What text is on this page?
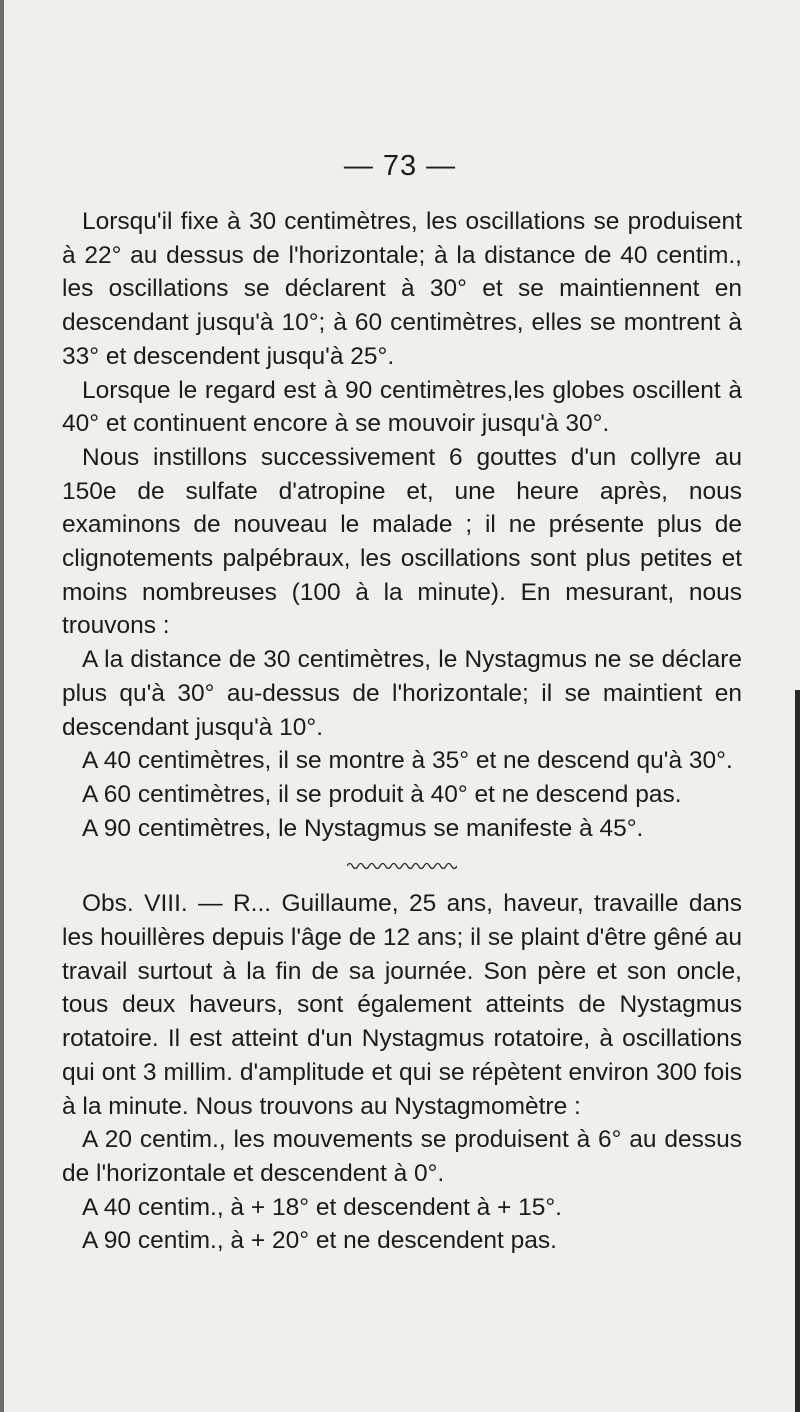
— 73 —

Lorsqu'il fixe à 30 centimètres, les oscillations se produisent à 22° au dessus de l'horizontale; à la distance de 40 centim., les oscillations se déclarent à 30° et se maintiennent en descendant jusqu'à 10°; à 60 centimètres, elles se montrent à 33° et descendent jusqu'à 25°.

Lorsque le regard est à 90 centimètres,les globes oscillent à 40° et continuent encore à se mouvoir jusqu'à 30°.

Nous instillons successivement 6 gouttes d'un collyre au 150e de sulfate d'atropine et, une heure après, nous examinons de nouveau le malade ; il ne présente plus de clignotements palpébraux, les oscillations sont plus petites et moins nombreuses (100 à la minute). En mesurant, nous trouvons :

A la distance de 30 centimètres, le Nystagmus ne se déclare plus qu'à 30° au-dessus de l'horizontale; il se maintient en descendant jusqu'à 10°.

A 40 centimètres, il se montre à 35° et ne descend qu'à 30°.

A 60 centimètres, il se produit à 40° et ne descend pas.

A 90 centimètres, le Nystagmus se manifeste à 45°.

Obs. VIII. — R... Guillaume, 25 ans, haveur, travaille dans les houillères depuis l'âge de 12 ans; il se plaint d'être gêné au travail surtout à la fin de sa journée. Son père et son oncle, tous deux haveurs, sont également atteints de Nystagmus rotatoire. Il est atteint d'un Nystagmus rotatoire, à oscillations qui ont 3 millim. d'amplitude et qui se répètent environ 300 fois à la minute. Nous trouvons au Nystagmomètre :

A 20 centim., les mouvements se produisent à 6° au dessus de l'horizontale et descendent à 0°.

A 40 centim., à + 18° et descendent à + 15°.

A 90 centim., à + 20° et ne descendent pas.
